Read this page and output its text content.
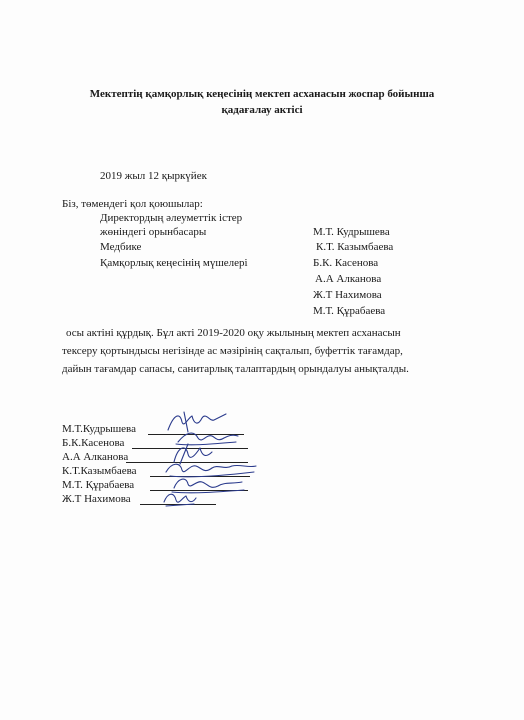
Мектептің қамқорлық кеңесінің мектеп асханасын жоспар бойынша
қадағалау актісі
2019 жыл 12 қыркүйек
Біз, төмендегі қол қоюшылар:
Директордың әлеуметтік істер
жөніндегі орынбасары
Медбике
Қамқорлық кеңесінің мүшелері
М.Т. Кудрышева
К.Т. Казымбаева
Б.К. Касенова
А.А Алканова
Ж.Т Нахимова
М.Т. Құрабаева
осы актіні құрдық. Бұл акті 2019-2020 оқу жылының мектеп асханасын
тексеру қортындысы негізінде ас мәзірінің сақталып, буфеттік тағамдар,
дайын тағамдар сапасы, санитарлық талаптардың орындалуы анықталды.
М.Т.Кудрышева
Б.К.Касенова
А.А Алканова
К.Т.Казымбаева
М.Т. Құрабаева
Ж.Т Нахимова
